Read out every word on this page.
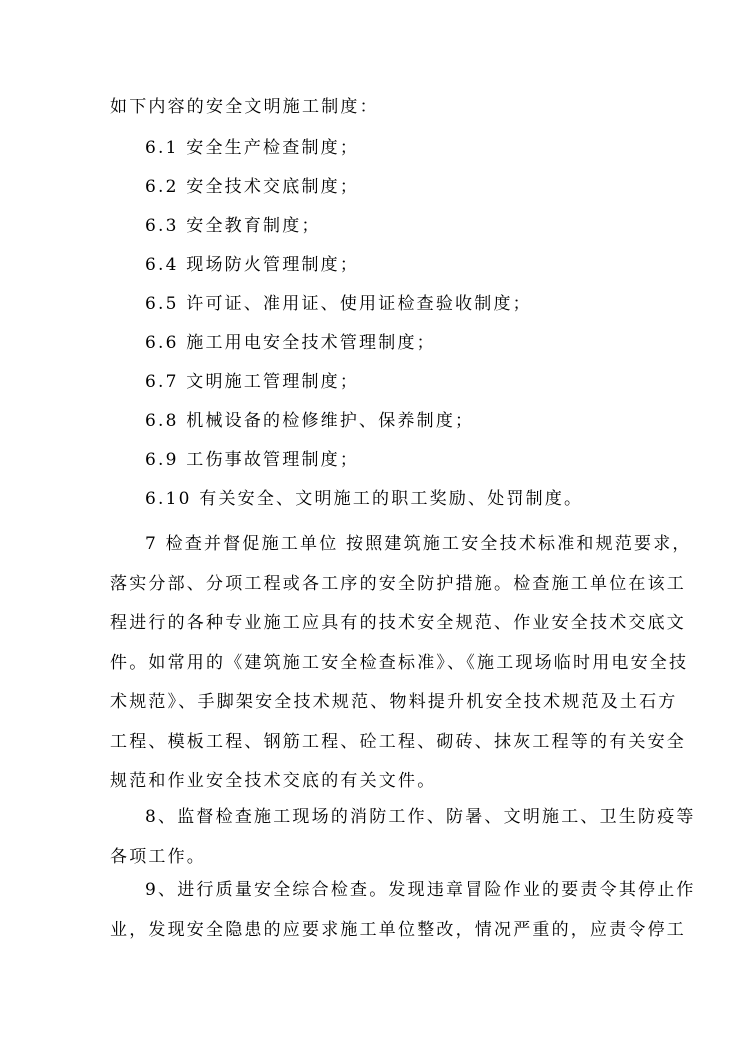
如下内容的安全文明施工制度：
6.1 安全生产检查制度；
6.2 安全技术交底制度；
6.3 安全教育制度；
6.4 现场防火管理制度；
6.5 许可证、准用证、使用证检查验收制度；
6.6 施工用电安全技术管理制度；
6.7 文明施工管理制度；
6.8 机械设备的检修维护、保养制度；
6.9 工伤事故管理制度；
6.10 有关安全、文明施工的职工奖励、处罚制度。
7 检查并督促施工单位 按照建筑施工安全技术标准和规范要求，
落实分部、分项工程或各工序的安全防护措施。检查施工单位在该工
程进行的各种专业施工应具有的技术安全规范、作业安全技术交底文
件。如常用的《建筑施工安全检查标准》、《施工现场临时用电安全技
术规范》、手脚架安全技术规范、物料提升机安全技术规范及土石方
工程、模板工程、钢筋工程、砼工程、砌砖、抹灰工程等的有关安全
规范和作业安全技术交底的有关文件。
8、监督检查施工现场的消防工作、防暑、文明施工、卫生防疫等
各项工作。
9、进行质量安全综合检查。发现违章冒险作业的要责令其停止作
业，发现安全隐患的应要求施工单位整改，情况严重的，应责令停工
